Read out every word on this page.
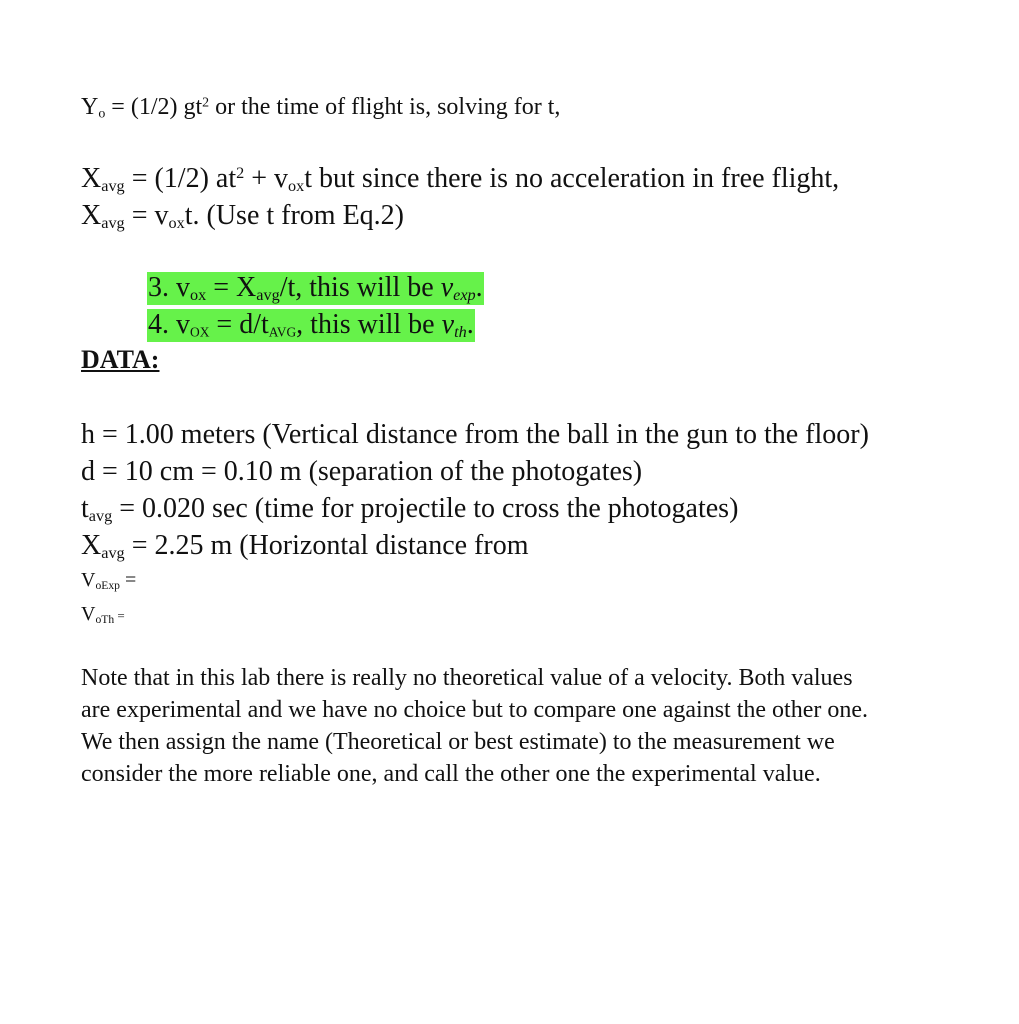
$Y_o = (1/2)$ $gt^2$ or the time of flight is, solving for t,
$X_{avg} = (1/2) at^2 + v_{ox}t$ but since there is no acceleration in free flight,
$X_{avg} = v_{ox}t$. (Use t from Eq.2)
3. $v_{ox} = X_{avg}/t$, this will be $v_{exp}$.
4. $v_{OX} = d/t_{AVG}$, this will be $v_{th}$.
DATA:
h = 1.00 meters (Vertical distance from the ball in the gun to the floor)
d = 10 cm = 0.10 m (separation of the photogates)
$t_{avg} = 0.020$ sec (time for projectile to cross the photogates)
$X_{avg} = 2.25$ m (Horizontal distance from
$V_{oExp}$ =
$V_{oTh}$ =
Note that in this lab there is really no theoretical value of a velocity. Both values
are experimental and we have no choice but to compare one against the other one.
We then assign the name (Theoretical or best estimate) to the measurement we
consider the more reliable one, and call the other one the experimental value.
